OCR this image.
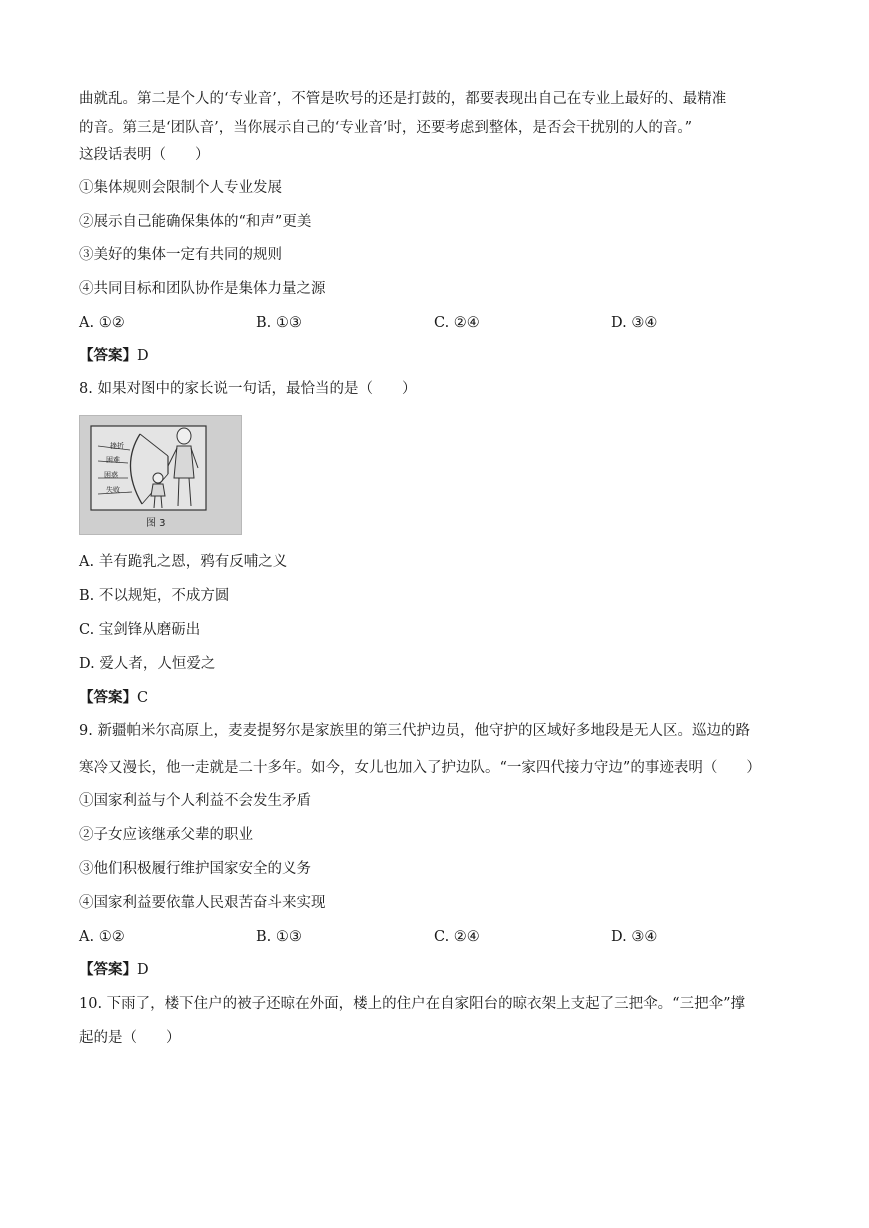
曲就乱。第二是个人的‘专业音’，不管是吹号的还是打鼓的，都要表现出自己在专业上最好的、最精准
的音。第三是‘团队音’，当你展示自己的‘专业音’时，还要考虑到整体，是否会干扰别的人的音。”
这段话表明（　　）
①集体规则会限制个人专业发展
②展示自己能确保集体的“和声”更美
③美好的集体一定有共同的规则
④共同目标和团队协作是集体力量之源
A. ①②	B. ①③	C. ②④	D. ③④
【答案】D
8. 如果对图中的家长说一句话，最恰当的是（　　）
挫折
困难
困惑
失败
图 3
A. 羊有跪乳之恩，鸦有反哺之义
B. 不以规矩，不成方圆
C. 宝剑锋从磨砺出
D. 爱人者，人恒爱之
【答案】C
9. 新疆帕米尔高原上，麦麦提努尔是家族里的第三代护边员，他守护的区域好多地段是无人区。巡边的路
寒冷又漫长，他一走就是二十多年。如今，女儿也加入了护边队。“一家四代接力守边”的事迹表明（　　）
①国家利益与个人利益不会发生矛盾
②子女应该继承父辈的职业
③他们积极履行维护国家安全的义务
④国家利益要依靠人民艰苦奋斗来实现
A. ①②	B. ①③	C. ②④	D. ③④
【答案】D
10. 下雨了，楼下住户的被子还晾在外面，楼上的住户在自家阳台的晾衣架上支起了三把伞。“三把伞”撑
起的是（　　）
